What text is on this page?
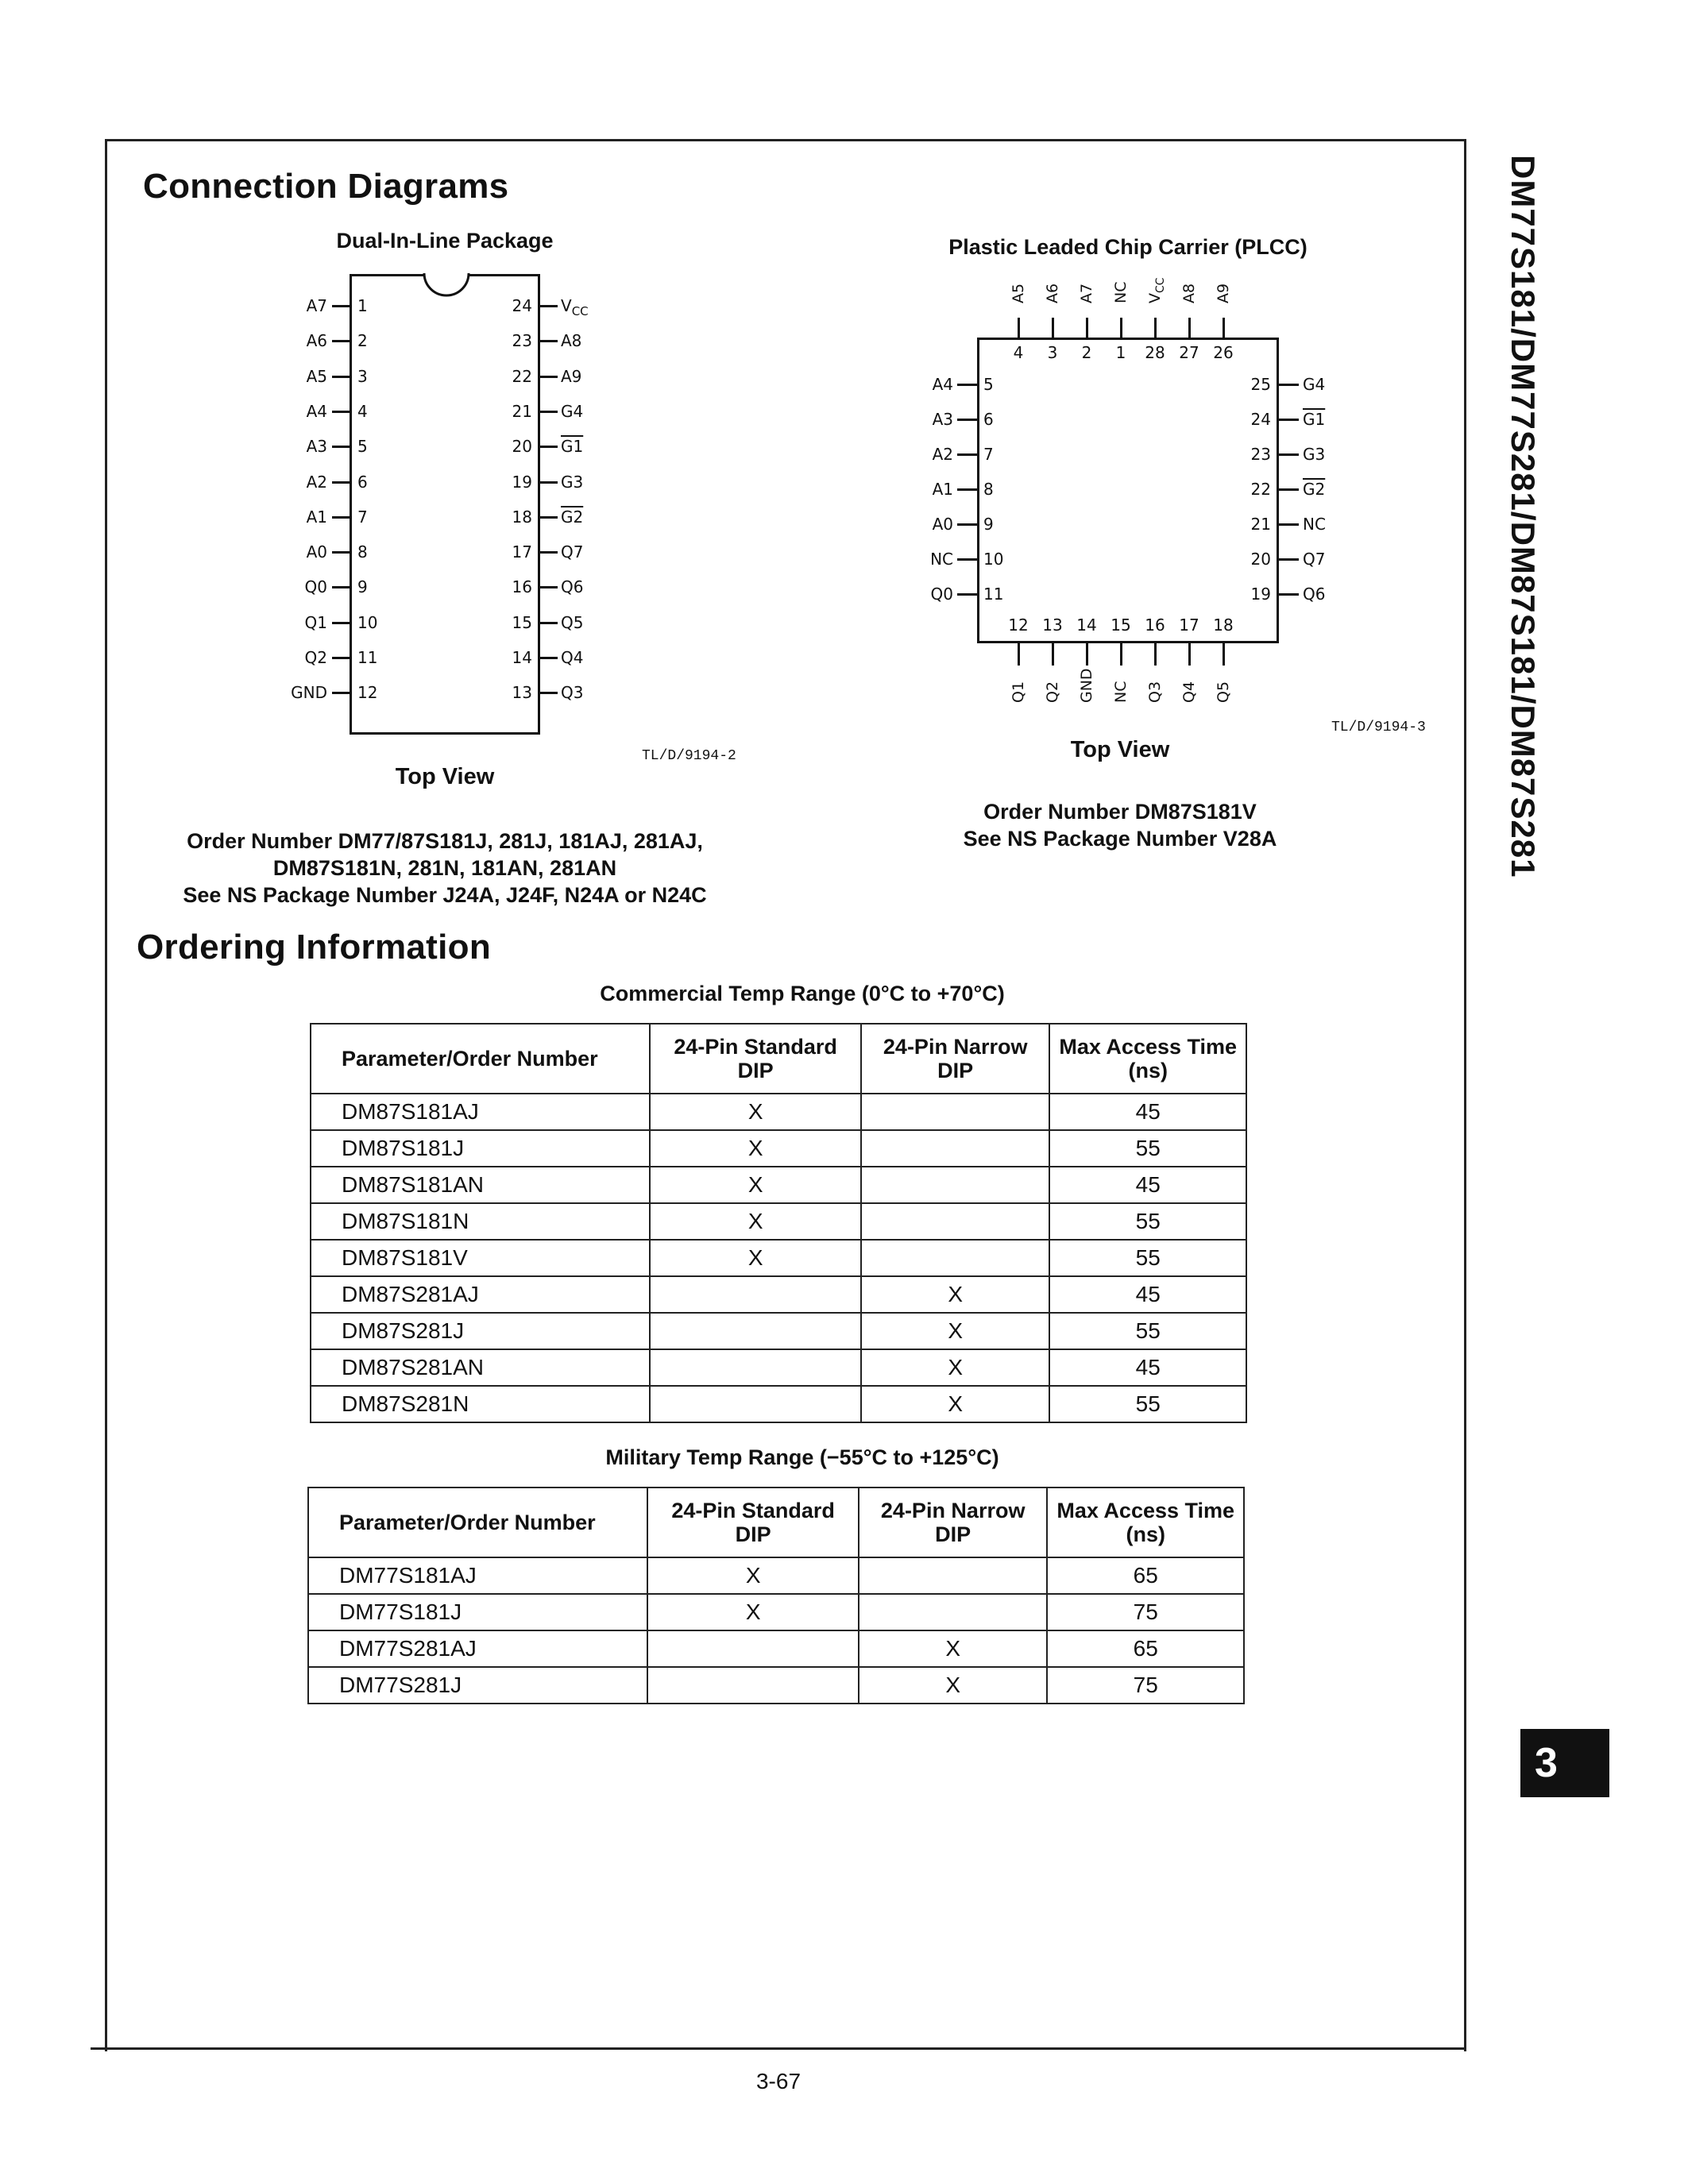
DM77S181/DM77S281/DM87S181/DM87S281
3
Connection Diagrams
Dual-In-Line Package
A7 1	24 $V_{CC}$
A6 2	23 A8
A5 3	22 A9
A4 4	21 G4
A3 5	20 G1
A2 6	19 G3
A1 7	18 G2
A0 8	17 Q7
Q0 9	16 Q6
Q1 10	15 Q5
Q2 11	14 Q4
GND 12	13 Q3
TL/D/9194-2
Top View
Order Number DM77/87S181J, 281J, 181AJ, 281AJ,
DM87S181N, 281N, 181AN, 281AN
See NS Package Number J24A, J24F, N24A or N24C
Plastic Leaded Chip Carrier (PLCC)
A5
4
A6
3
A7
2
NC
1
$V_{CC}$
28
A8
27
A9
26
12
Q1
13
Q2
14
GND
15
NC
16
Q3
17
Q4
18
Q5
A4 5	25 G4
A3 6	24 G1
A2 7	23 G3
A1 8	22 G2
A0 9	21 NC
NC 10	20 Q7
Q0 11	19 Q6
TL/D/9194-3
Top View
Order Number DM87S181V
See NS Package Number V28A
Ordering Information
Commercial Temp Range (0°C to +70°C)
Parameter/Order Number	24-Pin Standard DIP	24-Pin Narrow DIP	Max Access Time (ns)
DM87S181AJ	X		45
DM87S181J	X		55
DM87S181AN	X		45
DM87S181N	X		55
DM87S181V	X		55
DM87S281AJ		X	45
DM87S281J		X	55
DM87S281AN		X	45
DM87S281N		X	55
Military Temp Range (−55°C to +125°C)
Parameter/Order Number	24-Pin Standard DIP	24-Pin Narrow DIP	Max Access Time (ns)
DM77S181AJ	X		65
DM77S181J	X		75
DM77S281AJ		X	65
DM77S281J		X	75
3-67
